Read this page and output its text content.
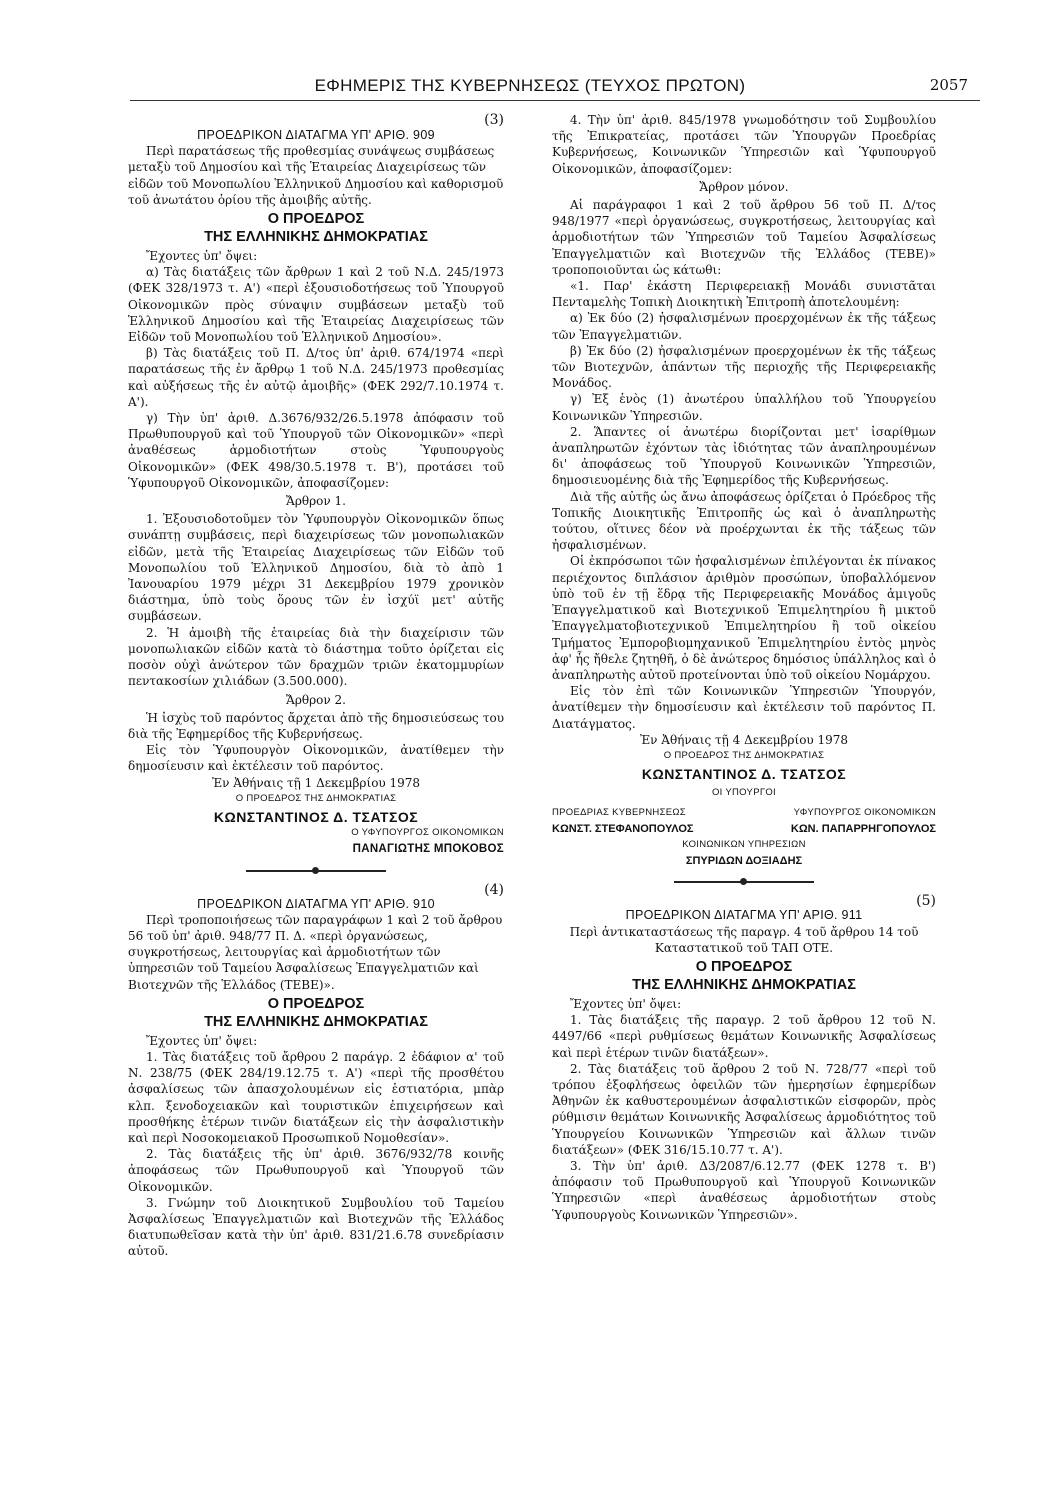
ΕΦΗΜΕΡΙΣ ΤΗΣ ΚΥΒΕΡΝΗΣΕΩΣ (ΤΕΥΧΟΣ ΠΡΩΤΟΝ)	2057
(3)

ΠΡΟΕΔΡΙΚΟΝ ΔΙΑΤΑΓΜΑ ΥΠ' ΑΡΙΘ. 909

Περὶ παρατάσεως τῆς προθεσμίας συνάψεως συμβάσεως μεταξὺ τοῦ Δημοσίου καὶ τῆς Ἑταιρείας Διαχειρίσεως τῶν εἰδῶν τοῦ Μονοπωλίου Ἑλληνικοῦ Δημοσίου καὶ καθορισμοῦ τοῦ ἀνωτάτου ὁρίου τῆς ἀμοιβῆς αὐτῆς.

Ο ΠΡΟΕΔΡΟΣ
ΤΗΣ ΕΛΛΗΝΙΚΗΣ ΔΗΜΟΚΡΑΤΙΑΣ

Ἔχοντες ὑπ' ὄψει:

α) Τὰς διατάξεις τῶν ἄρθρων 1 καὶ 2 τοῦ Ν.Δ. 245/1973 (ΦΕΚ 328/1973 τ. Α') «περὶ ἐξουσιοδοτήσεως τοῦ Ὑπουργοῦ Οἰκονομικῶν πρὸς σύναψιν συμβάσεων μεταξὺ τοῦ Ἑλληνικοῦ Δημοσίου καὶ τῆς Ἑταιρείας Διαχειρίσεως τῶν Εἰδῶν τοῦ Μονοπωλίου τοῦ Ἑλληνικοῦ Δημοσίου».

β) Τὰς διατάξεις τοῦ Π. Δ/τος ὑπ' ἀριθ. 674/1974 «περὶ παρατάσεως τῆς ἐν ἄρθρῳ 1 τοῦ Ν.Δ. 245/1973 προθεσμίας καὶ αὐξήσεως τῆς ἐν αὐτῷ ἀμοιβῆς» (ΦΕΚ 292/7.10.1974 τ. Α').

γ) Τὴν ὑπ' ἀριθ. Δ.3676/932/26.5.1978 ἀπόφασιν τοῦ Πρωθυπουργοῦ καὶ τοῦ Ὑπουργοῦ τῶν Οἰκονομικῶν» «περὶ ἀναθέσεως ἁρμοδιοτήτων στοὺς Ὑφυπουργοὺς Οἰκονομικῶν» (ΦΕΚ 498/30.5.1978 τ. Β'), προτάσει τοῦ Ὑφυπουργοῦ Οἰκονομικῶν, ἀποφασίζομεν:

Ἄρθρον 1.

1. Ἐξουσιοδοτοῦμεν τὸν Ὑφυπουργὸν Οἰκονομικῶν ὅπως συνάπτῃ συμβάσεις, περὶ διαχειρίσεως τῶν μονοπωλιακῶν εἰδῶν, μετὰ τῆς Ἑταιρείας Διαχειρίσεως τῶν Εἰδῶν τοῦ Μονοπωλίου τοῦ Ἑλληνικοῦ Δημοσίου, διὰ τὸ ἀπὸ 1 Ἰανουαρίου 1979 μέχρι 31 Δεκεμβρίου 1979 χρονικὸν διάστημα, ὑπὸ τοὺς ὅρους τῶν ἐν ἰσχύϊ μετ' αὐτῆς συμβάσεων.

2. Ἡ ἀμοιβὴ τῆς ἑταιρείας διὰ τὴν διαχείρισιν τῶν μονοπωλιακῶν εἰδῶν κατὰ τὸ διάστημα τοῦτο ὁρίζεται εἰς ποσὸν οὐχὶ ἀνώτερον τῶν δραχμῶν τριῶν ἑκατομμυρίων πεντακοσίων χιλιάδων (3.500.000).

Ἄρθρον 2.

Ἡ ἰσχὺς τοῦ παρόντος ἄρχεται ἀπὸ τῆς δημοσιεύσεως του διὰ τῆς Ἐφημερίδος τῆς Κυβερνήσεως.

Εἰς τὸν Ὑφυπουργὸν Οἰκονομικῶν, ἀνατίθεμεν τὴν δημοσίευσιν καὶ ἐκτέλεσιν τοῦ παρόντος.

Ἐν Ἀθήναις τῇ 1 Δεκεμβρίου 1978

Ο ΠΡΟΕΔΡΟΣ ΤΗΣ ΔΗΜΟΚΡΑΤΙΑΣ

ΚΩΝΣΤΑΝΤΙΝΟΣ Δ. ΤΣΑΤΣΟΣ

Ο ΥΦΥΠΟΥΡΓΟΣ ΟΙΚΟΝΟΜΙΚΩΝ

ΠΑΝΑΓΙΩΤΗΣ ΜΠΟΚΟΒΟΣ

(4)

ΠΡΟΕΔΡΙΚΟΝ ΔΙΑΤΑΓΜΑ ΥΠ' ΑΡΙΘ. 910

Περὶ τροποποιήσεως τῶν παραγράφων 1 καὶ 2 τοῦ ἄρθρου 56 τοῦ ὑπ' ἀριθ. 948/77 Π. Δ. «περὶ ὀργανώσεως, συγκροτήσεως, λειτουργίας καὶ ἁρμοδιοτήτων τῶν ὑπηρεσιῶν τοῦ Ταμείου Ἀσφαλίσεως Ἐπαγγελματιῶν καὶ Βιοτεχνῶν τῆς Ἑλλάδος (ΤΕΒΕ)».

Ο ΠΡΟΕΔΡΟΣ
ΤΗΣ ΕΛΛΗΝΙΚΗΣ ΔΗΜΟΚΡΑΤΙΑΣ

Ἔχοντες ὑπ' ὄψει:

1. Τὰς διατάξεις τοῦ ἄρθρου 2 παράγρ. 2 ἐδάφιον α' τοῦ Ν. 238/75 (ΦΕΚ 284/19.12.75 τ. Α') «περὶ τῆς προσθέτου ἀσφαλίσεως τῶν ἀπασχολουμένων εἰς ἑστιατόρια, μπὰρ κλπ. ξενοδοχειακῶν καὶ τουριστικῶν ἐπιχειρήσεων καὶ προσθήκης ἑτέρων τινῶν διατάξεων εἰς τὴν ἀσφαλιστικὴν καὶ περὶ Νοσοκομειακοῦ Προσωπικοῦ Νομοθεσίαν».

2. Τὰς διατάξεις τῆς ὑπ' ἀριθ. 3676/932/78 κοινῆς ἀποφάσεως τῶν Πρωθυπουργοῦ καὶ Ὑπουργοῦ τῶν Οἰκονομικῶν.

3. Γνώμην τοῦ Διοικητικοῦ Συμβουλίου τοῦ Ταμείου Ἀσφαλίσεως Ἐπαγγελματιῶν καὶ Βιοτεχνῶν τῆς Ἑλλάδος διατυπωθεῖσαν κατὰ τὴν ὑπ' ἀριθ. 831/21.6.78 συνεδρίασιν αὐτοῦ.

4. Τὴν ὑπ' ἀριθ. 845/1978 γνωμοδότησιν τοῦ Συμβουλίου τῆς Ἐπικρατείας, προτάσει τῶν Ὑπουργῶν Προεδρίας Κυβερνήσεως, Κοινωνικῶν Ὑπηρεσιῶν καὶ Ὑφυπουργοῦ Οἰκονομικῶν, ἀποφασίζομεν:

Ἄρθρον μόνον.

Αἱ παράγραφοι 1 καὶ 2 τοῦ ἄρθρου 56 τοῦ Π. Δ/τος 948/1977 «περὶ ὀργανώσεως, συγκροτήσεως, λειτουργίας καὶ ἁρμοδιοτήτων τῶν Ὑπηρεσιῶν τοῦ Ταμείου Ἀσφαλίσεως Ἐπαγγελματιῶν καὶ Βιοτεχνῶν τῆς Ἑλλάδος (ΤΕΒΕ)» τροποποιοῦνται ὡς κάτωθι:

«1. Παρ' ἑκάστη Περιφερειακῇ Μονάδι συνιστᾶται Πενταμελὴς Τοπικὴ Διοικητικὴ Ἐπιτροπὴ ἀποτελουμένη:

α) Ἐκ δύο (2) ἠσφαλισμένων προερχομένων ἐκ τῆς τάξεως τῶν Ἐπαγγελματιῶν.

β) Ἐκ δύο (2) ἠσφαλισμένων προερχομένων ἐκ τῆς τάξεως τῶν Βιοτεχνῶν, ἁπάντων τῆς περιοχῆς τῆς Περιφερειακῆς Μονάδος.

γ) Ἐξ ἑνὸς (1) ἀνωτέρου ὑπαλλήλου τοῦ Ὑπουργείου Κοινωνικῶν Ὑπηρεσιῶν.

2. Ἅπαντες οἱ ἀνωτέρω διορίζονται μετ' ἰσαρίθμων ἀναπληρωτῶν ἐχόντων τὰς ἰδιότητας τῶν ἀναπληρουμένων δι' ἀποφάσεως τοῦ Ὑπουργοῦ Κοινωνικῶν Ὑπηρεσιῶν, δημοσιευομένης διὰ τῆς Ἐφημερίδος τῆς Κυβερνήσεως.

Διὰ τῆς αὐτῆς ὡς ἄνω ἀποφάσεως ὁρίζεται ὁ Πρόεδρος τῆς Τοπικῆς Διοικητικῆς Ἐπιτροπῆς ὡς καὶ ὁ ἀναπληρωτὴς τούτου, οἵτινες δέον νὰ προέρχωνται ἐκ τῆς τάξεως τῶν ἠσφαλισμένων.

Οἱ ἐκπρόσωποι τῶν ἠσφαλισμένων ἐπιλέγονται ἐκ πίνακος περιέχοντος διπλάσιον ἀριθμὸν προσώπων, ὑποβαλλόμενον ὑπὸ τοῦ ἐν τῇ ἕδρᾳ τῆς Περιφερειακῆς Μονάδος ἁμιγοῦς Ἐπαγγελματικοῦ καὶ Βιοτεχνικοῦ Ἐπιμελητηρίου ἢ μικτοῦ Ἐπαγγελματοβιοτεχνικοῦ Ἐπιμελητηρίου ἢ τοῦ οἰκείου Τμήματος Ἐμποροβιομηχανικοῦ Ἐπιμελητηρίου ἐντὸς μηνὸς ἀφ' ἧς ἤθελε ζητηθῆ, ὁ δὲ ἀνώτερος δημόσιος ὑπάλληλος καὶ ὁ ἀναπληρωτὴς αὐτοῦ προτείνονται ὑπὸ τοῦ οἰκείου Νομάρχου.

Εἰς τὸν ἐπὶ τῶν Κοινωνικῶν Ὑπηρεσιῶν Ὑπουργόν, ἀνατίθεμεν τὴν δημοσίευσιν καὶ ἐκτέλεσιν τοῦ παρόντος Π. Διατάγματος.

Ἐν Ἀθήναις τῇ 4 Δεκεμβρίου 1978

Ο ΠΡΟΕΔΡΟΣ ΤΗΣ ΔΗΜΟΚΡΑΤΙΑΣ

ΚΩΝΣΤΑΝΤΙΝΟΣ Δ. ΤΣΑΤΣΟΣ

ΟΙ ΥΠΟΥΡΓΟΙ

ΠΡΟΕΔΡΙΑΣ ΚΥΒΕΡΝΗΣΕΩΣ	ΥΦΥΠΟΥΡΓΟΣ ΟΙΚΟΝΟΜΙΚΩΝ
ΚΩΝΣΤ. ΣΤΕΦΑΝΟΠΟΥΛΟΣ	ΚΩΝ. ΠΑΠΑΡΡΗΓΟΠΟΥΛΟΣ

ΚΟΙΝΩΝΙΚΩΝ ΥΠΗΡΕΣΙΩΝ

ΣΠΥΡΙΔΩΝ ΔΟΞΙΑΔΗΣ

(5)

ΠΡΟΕΔΡΙΚΟΝ ΔΙΑΤΑΓΜΑ ΥΠ' ΑΡΙΘ. 911

Περὶ ἀντικαταστάσεως τῆς παραγρ. 4 τοῦ ἄρθρου 14 τοῦ Καταστατικοῦ τοῦ ΤΑΠ ΟΤΕ.

Ο ΠΡΟΕΔΡΟΣ
ΤΗΣ ΕΛΛΗΝΙΚΗΣ ΔΗΜΟΚΡΑΤΙΑΣ

Ἔχοντες ὑπ' ὄψει:

1. Τὰς διατάξεις τῆς παραγρ. 2 τοῦ ἄρθρου 12 τοῦ Ν. 4497/66 «περὶ ρυθμίσεως θεμάτων Κοινωνικῆς Ἀσφαλίσεως καὶ περὶ ἑτέρων τινῶν διατάξεων».

2. Τὰς διατάξεις τοῦ ἄρθρου 2 τοῦ Ν. 728/77 «περὶ τοῦ τρόπου ἐξοφλήσεως ὀφειλῶν τῶν ἡμερησίων ἐφημερίδων Ἀθηνῶν ἐκ καθυστερουμένων ἀσφαλιστικῶν εἰσφορῶν, πρὸς ρύθμισιν θεμάτων Κοινωνικῆς Ἀσφαλίσεως ἁρμοδιότητος τοῦ Ὑπουργείου Κοινωνικῶν Ὑπηρεσιῶν καὶ ἄλλων τινῶν διατάξεων» (ΦΕΚ 316/15.10.77 τ. Α').

3. Τὴν ὑπ' ἀριθ. Δ3/2087/6.12.77 (ΦΕΚ 1278 τ. Β') ἀπόφασιν τοῦ Πρωθυπουργοῦ καὶ Ὑπουργοῦ Κοινωνικῶν Ὑπηρεσιῶν «περὶ ἀναθέσεως ἁρμοδιοτήτων στοὺς Ὑφυπουργοὺς Κοινωνικῶν Ὑπηρεσιῶν».
